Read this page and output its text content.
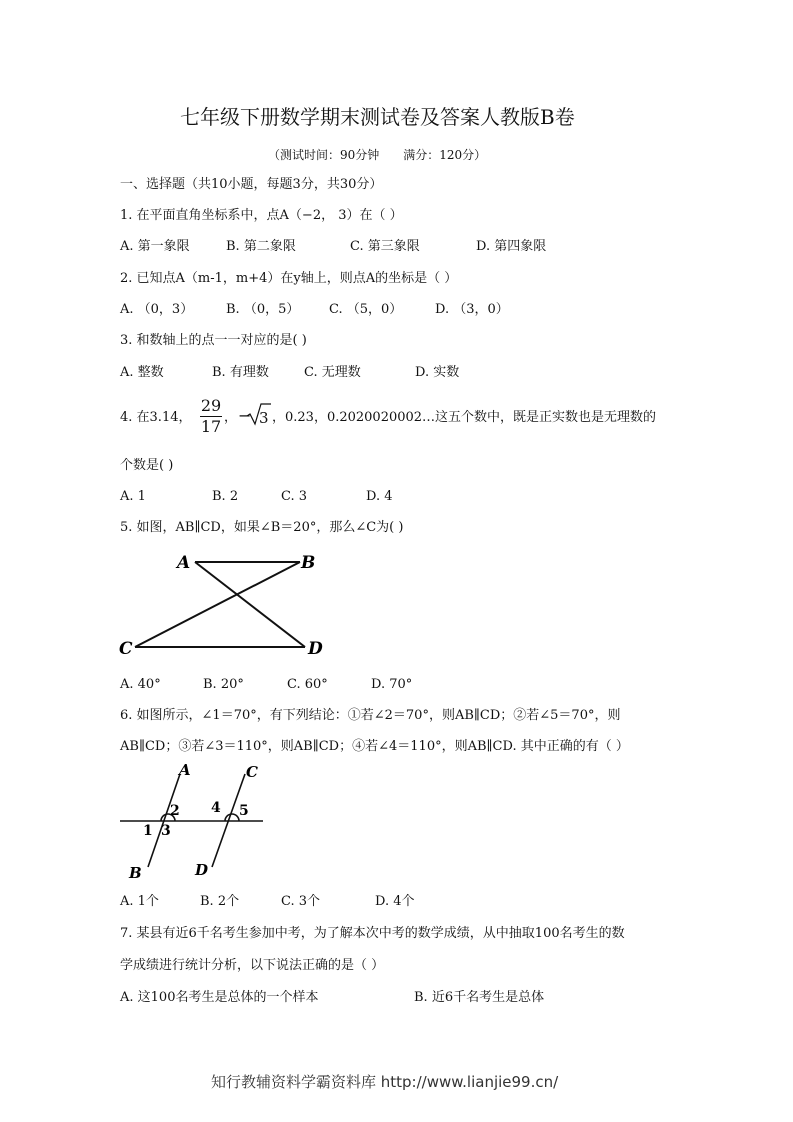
七年级下册数学期末测试卷及答案人教版B卷
（测试时间：90分钟　　满分：120分）
一、选择题（共10小题，每题3分，共30分）
1. 在平面直角坐标系中，点A（−2， 3）在（ ）
A. 第一象限	B. 第二象限	C. 第三象限	D. 第四象限
2. 已知点A（m-1，m+4）在y轴上，则点A的坐标是（ ）
A. （0，3）	B. （0，5） C. （5，0）	D. （3，0）
3. 和数轴上的点一一对应的是( )
A. 整数	B. 有理数	C. 无理数	D. 实数
4. 在3.14，
29
17 ， − 3 ，0.23，0.2020020002…这五个数中，既是正实数也是无理数的
个数是( )
A. 1	B. 2	C. 3	D. 4
5. 如图，AB∥CD，如果∠B＝20°，那么∠C为( )
A	B
C	D
A. 40°	B. 20°	C. 60°	D. 70°
6. 如图所示，∠1＝70°，有下列结论：①若∠2＝70°，则AB∥CD；②若∠5＝70°，则
AB∥CD；③若∠3＝110°，则AB∥CD；④若∠4＝110°，则AB∥CD. 其中正确的有（ ）
A	C
B	D
2
1 3
4 5
A. 1个	B. 2个	C. 3个	D. 4个
7. 某县有近6千名考生参加中考，为了解本次中考的数学成绩，从中抽取100名考生的数
学成绩进行统计分析，以下说法正确的是（ ）
A. 这100名考生是总体的一个样本	B. 近6千名考生是总体
知行教辅资料学霸资料库 http://www.lianjie99.cn/
